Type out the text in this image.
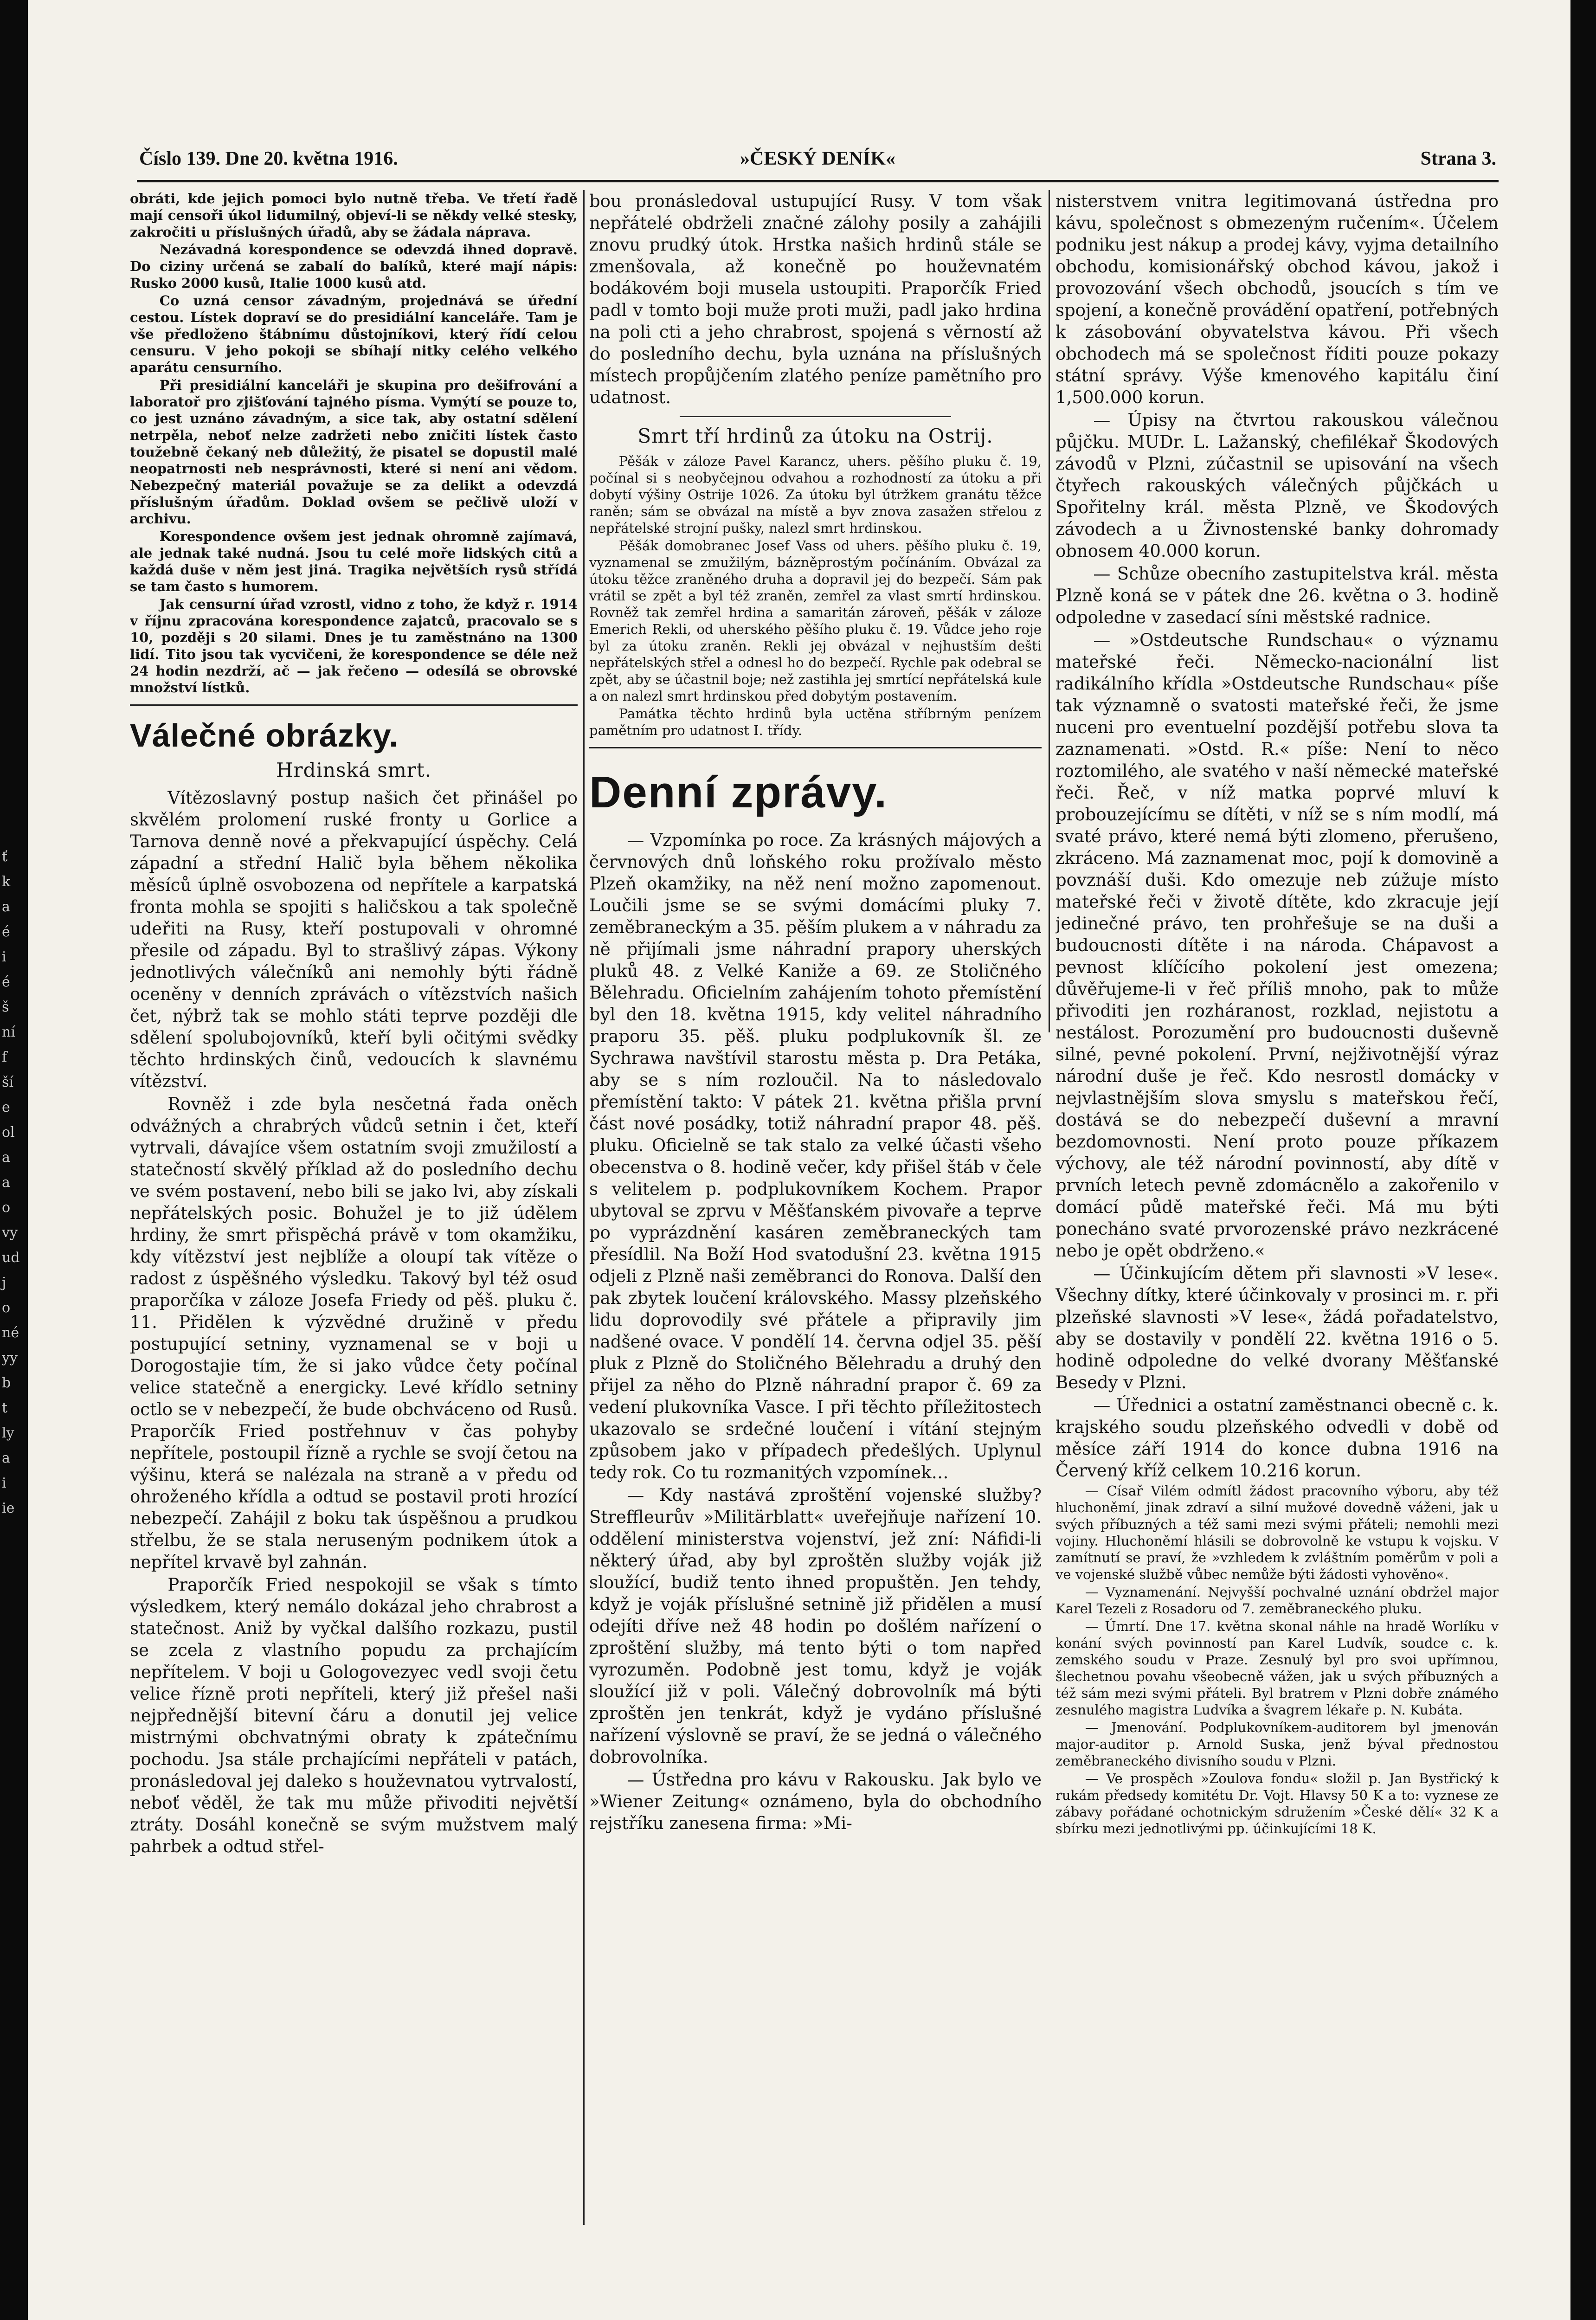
ť
k
a
é
i
é
š
ní
f
ší
e
ol
a
a
o
vy
ud
j
o
né
yy
b
t
ly
a
i
ie
Číslo 139. Dne 20. května 1916.	»ČESKÝ DENÍK«	Strana 3.

obráti, kde jejich pomoci bylo nutně třeba. Ve třetí řadě mají censoři úkol lidumilný, objeví-li se někdy velké stesky, zakročiti u příslušných úřadů, aby se žádala náprava.

Nezávadná korespondence se odevzdá ihned dopravě. Do ciziny určená se zabalí do balíků, které mají nápis: Rusko 2000 kusů, Italie 1000 kusů atd.

Co uzná censor závadným, projednává se úřední cestou. Lístek dopraví se do presidiální kanceláře. Tam je vše předloženo štábnímu důstojníkovi, který řídí celou censuru. V jeho pokoji se sbíhají nitky celého velkého aparátu censurního.

Při presidiální kanceláři je skupina pro dešifrování a laboratoř pro zjišťování tajného písma. Vymýtí se pouze to, co jest uznáno závadným, a sice tak, aby ostatní sdělení netrpěla, neboť nelze zadržeti nebo zničiti lístek často toužebně čekaný neb důležitý, že pisatel se dopustil malé neopatrnosti neb nesprávnosti, které si není ani vědom. Nebezpečný materiál považuje se za delikt a odevzdá příslušným úřadům. Doklad ovšem se pečlivě uloží v archivu.

Korespondence ovšem jest jednak ohromně zajímavá, ale jednak také nudná. Jsou tu celé moře lidských citů a každá duše v něm jest jiná. Tragika největších rysů střídá se tam často s humorem.

Jak censurní úřad vzrostl, vidno z toho, že když r. 1914 v říjnu zpracována korespondence zajatců, pracovalo se s 10, později s 20 silami. Dnes je tu zaměstnáno na 1300 lidí. Tito jsou tak vycvičeni, že korespondence se déle než 24 hodin nezdrží, ač — jak řečeno — odesílá se obrovské množství lístků.

Válečné obrázky.
Hrdinská smrt.

Vítězoslavný postup našich čet přinášel po skvělém prolomení ruské fronty u Gorlice a Tarnova denně nové a překvapující úspěchy. Celá západní a střední Halič byla během několika měsíců úplně osvobozena od nepřítele a karpatská fronta mohla se spojiti s haličskou a tak společně udeřiti na Rusy, kteří postupovali v ohromné přesile od západu. Byl to strašlivý zápas. Výkony jednotlivých válečníků ani nemohly býti řádně oceněny v denních zprávách o vítězstvích našich čet, nýbrž tak se mohlo státi teprve později dle sdělení spolubojovníků, kteří byli očitými svědky těchto hrdinských činů, vedoucích k slavnému vítězství.

Rovněž i zde byla nesčetná řada oněch odvážných a chrabrých vůdců setnin i čet, kteří vytrvali, dávajíce všem ostatním svoji zmužilostí a statečností skvělý příklad až do posledního dechu ve svém postavení, nebo bili se jako lvi, aby získali nepřátelských posic. Bohužel je to již údělem hrdiny, že smrt přispěchá právě v tom okamžiku, kdy vítězství jest nejblíže a oloupí tak vítěze o radost z úspěšného výsledku. Takový byl též osud praporčíka v záloze Josefa Friedy od pěš. pluku č. 11. Přidělen k výzvědné družině v předu postupující setniny, vyznamenal se v boji u Dorogostajie tím, že si jako vůdce čety počínal velice statečně a energicky. Levé křídlo setniny octlo se v nebezpečí, že bude obchváceno od Rusů. Praporčík Fried postřehnuv v čas pohyby nepřítele, postoupil řízně a rychle se svojí četou na výšinu, která se nalézala na straně a v předu od ohroženého křídla a odtud se postavil proti hrozící nebezpečí. Zahájil z boku tak úspěšnou a prudkou střelbu, že se stala neruseným podnikem útok a nepřítel krvavě byl zahnán.

Praporčík Fried nespokojil se však s tímto výsledkem, který nemálo dokázal jeho chrabrost a statečnost. Aniž by vyčkal dalšího rozkazu, pustil se zcela z vlastního popudu za prchajícím nepřítelem. V boji u Gologovezyec vedl svoji četu velice řízně proti nepříteli, který již přešel naši nejpřednější bitevní čáru a donutil jej velice mistrnými obchvatnými obraty k zpátečnímu pochodu. Jsa stále prchajícími nepřáteli v patách, pronásledoval jej daleko s houževnatou vytrvalostí, neboť věděl, že tak mu může přivoditi největší ztráty. Dosáhl konečně se svým mužstvem malý pahrbek a odtud střel-

bou pronásledoval ustupující Rusy. V tom však nepřátelé obdrželi značné zálohy posily a zahájili znovu prudký útok. Hrstka našich hrdinů stále se zmenšovala, až konečně po houževnatém bodákovém boji musela ustoupiti. Praporčík Fried padl v tomto boji muže proti muži, padl jako hrdina na poli cti a jeho chrabrost, spojená s věrností až do posledního dechu, byla uznána na příslušných místech propůjčením zlatého peníze pamětního pro udatnost.

Smrt tří hrdinů za útoku na Ostrij.

Pěšák v záloze Pavel Karancz, uhers. pěšího pluku č. 19, počínal si s neobyčejnou odvahou a rozhodností za útoku a při dobytí výšiny Ostrije 1026. Za útoku byl útržkem granátu těžce raněn; sám se obvázal na místě a byv znova zasažen střelou z nepřátelské strojní pušky, nalezl smrt hrdinskou.

Pěšák domobranec Josef Vass od uhers. pěšího pluku č. 19, vyznamenal se zmužilým, bázněprostým počínáním. Obvázal za útoku těžce zraněného druha a dopravil jej do bezpečí. Sám pak vrátil se zpět a byl též zraněn, zemřel za vlast smrtí hrdinskou. Rovněž tak zemřel hrdina a samaritán zároveň, pěšák v záloze Emerich Rekli, od uherského pěšího pluku č. 19. Vůdce jeho roje byl za útoku zraněn. Rekli jej obvázal v nejhustším dešti nepřátelských střel a odnesl ho do bezpečí. Rychle pak odebral se zpět, aby se účastnil boje; než zastihla jej smrtící nepřátelská kule a on nalezl smrt hrdinskou před dobytým postavením.

Památka těchto hrdinů byla uctěna stříbrným penízem pamětním pro udatnost I. třídy.

Denní zprávy.

— Vzpomínka po roce. Za krásných májových a červnových dnů loňského roku prožívalo město Plzeň okamžiky, na něž není možno zapomenout. Loučili jsme se se svými domácími pluky 7. zeměbraneckým a 35. pěším plukem a v náhradu za ně přijímali jsme náhradní prapory uherských pluků 48. z Velké Kaniže a 69. ze Stoličného Bělehradu. Oficielním zahájením tohoto přemístění byl den 18. května 1915, kdy velitel náhradního praporu 35. pěš. pluku podplukovník šl. ze Sychrawa navštívil starostu města p. Dra Petáka, aby se s ním rozloučil. Na to následovalo přemístění takto: V pátek 21. května přišla první část nové posádky, totiž náhradní prapor 48. pěš. pluku. Oficielně se tak stalo za velké účasti všeho obecenstva o 8. hodině večer, kdy přišel štáb v čele s velitelem p. podplukovníkem Kochem. Prapor ubytoval se zprvu v Měšťanském pivovaře a teprve po vyprázdnění kasáren zeměbraneckých tam přesídlil. Na Boží Hod svatodušní 23. května 1915 odjeli z Plzně naši zeměbranci do Ronova. Další den pak zbytek loučení královského. Massy plzeňského lidu doprovodily své přátele a připravily jim nadšené ovace. V pondělí 14. června odjel 35. pěší pluk z Plzně do Stoličného Bělehradu a druhý den přijel za něho do Plzně náhradní prapor č. 69 za vedení plukovníka Vasce. I při těchto příležitostech ukazovalo se srdečné loučení i vítání stejným způsobem jako v případech předešlých. Uplynul tedy rok. Co tu rozmanitých vzpomínek…

— Kdy nastává zproštění vojenské služby? Streffleurův »Militärblatt« uveřejňuje nařízení 10. oddělení ministerstva vojenství, jež zní: Náfidi-li některý úřad, aby byl zproštěn služby voják již sloužící, budiž tento ihned propuštěn. Jen tehdy, když je voják příslušné setnině již přidělen a musí odejíti dříve než 48 hodin po došlém nařízení o zproštění služby, má tento býti o tom napřed vyrozuměn. Podobně jest tomu, když je voják sloužící již v poli. Válečný dobrovolník má býti zproštěn jen tenkrát, když je vydáno příslušné nařízení výslovně se praví, že se jedná o válečného dobrovolníka.

— Ústředna pro kávu v Rakousku. Jak bylo ve »Wiener Zeitung« oznámeno, byla do obchodního rejstříku zanesena firma: »Mi-

nisterstvem vnitra legitimovaná ústředna pro kávu, společnost s obmezeným ručením«. Účelem podniku jest nákup a prodej kávy, vyjma detailního obchodu, komisionářský obchod kávou, jakož i provozování všech obchodů, jsoucích s tím ve spojení, a konečně provádění opatření, potřebných k zásobování obyvatelstva kávou. Při všech obchodech má se společnost říditi pouze pokazy státní správy. Výše kmenového kapitálu činí 1,500.000 korun.

— Úpisy na čtvrtou rakouskou válečnou půjčku. MUDr. L. Lažanský, chefilékař Škodových závodů v Plzni, zúčastnil se upisování na všech čtyřech rakouských válečných půjčkách u Spořitelny král. města Plzně, ve Škodových závodech a u Živnostenské banky dohromady obnosem 40.000 korun.

— Schůze obecního zastupitelstva král. města Plzně koná se v pátek dne 26. května o 3. hodině odpoledne v zasedací síni městské radnice.

— »Ostdeutsche Rundschau« o významu mateřské řeči. Německo-nacionální list radikálního křídla »Ostdeutsche Rundschau« píše tak významně o svatosti mateřské řeči, že jsme nuceni pro eventuelní pozdější potřebu slova ta zaznamenati. »Ostd. R.« píše: Není to něco roztomilého, ale svatého v naší německé mateřské řeči. Řeč, v níž matka poprvé mluví k probouzejícímu se dítěti, v níž se s ním modlí, má svaté právo, které nemá býti zlomeno, přerušeno, zkráceno. Má zaznamenat moc, pojí k domovině a povznáší duši. Kdo omezuje neb zúžuje místo mateřské řeči v životě dítěte, kdo zkracuje její jedinečné právo, ten prohřešuje se na duši a budoucnosti dítěte i na národa. Chápavost a pevnost klíčícího pokolení jest omezena; důvěřujeme-li v řeč příliš mnoho, pak to může přivoditi jen rozháranost, rozklad, nejistotu a nestálost. Porozumění pro budoucnosti duševně silné, pevné pokolení. První, nejživotnější výraz národní duše je řeč. Kdo nesrostl domácky v nejvlastnějším slova smyslu s mateřskou řečí, dostává se do nebezpečí duševní a mravní bezdomovnosti. Není proto pouze příkazem výchovy, ale též národní povinností, aby dítě v prvních letech pevně zdomácnělo a zakořenilo v domácí půdě mateřské řeči. Má mu býti ponecháno svaté prvorozenské právo nezkrácené nebo je opět obdrženo.«

— Účinkujícím dětem při slavnosti »V lese«. Všechny dítky, které účinkovaly v prosinci m. r. při plzeňské slavnosti »V lese«, žádá pořadatelstvo, aby se dostavily v pondělí 22. května 1916 o 5. hodině odpoledne do velké dvorany Měšťanské Besedy v Plzni.

— Úřednici a ostatní zaměstnanci obecně c. k. krajského soudu plzeňského odvedli v době od měsíce září 1914 do konce dubna 1916 na Červený kříž celkem 10.216 korun.

— Císař Vilém odmítl žádost pracovního výboru, aby též hluchoněmí, jinak zdraví a silní mužové dovedně váženi, jak u svých příbuzných a též sami mezi svými přáteli; nemohli mezi vojiny. Hluchoněmí hlásili se dobrovolně ke vstupu k vojsku. V zamítnutí se praví, že »vzhledem k zvláštním poměrům v poli a ve vojenské službě vůbec nemůže býti žádosti vyhověno«.

— Vyznamenání. Nejvyšší pochvalné uznání obdržel major Karel Tezeli z Rosadoru od 7. zeměbraneckého pluku.

— Úmrtí. Dne 17. května skonal náhle na hradě Worlíku v konání svých povinností pan Karel Ludvík, soudce c. k. zemského soudu v Praze. Zesnulý byl pro svoi upřímnou, šlechetnou povahu všeobecně vážen, jak u svých příbuzných a též sám mezi svými přáteli. Byl bratrem v Plzni dobře známého zesnulého magistra Ludvíka a švagrem lékaře p. N. Kubáta.

— Jmenování. Podplukovníkem-auditorem byl jmenován major-auditor p. Arnold Suska, jenž býval přednostou zeměbraneckého divisního soudu v Plzni.

— Ve prospěch »Zoulova fondu« složil p. Jan Bystřický k rukám předsedy komitétu Dr. Vojt. Hlavsy 50 K a to: vyznese ze zábavy pořádané ochotnickým sdružením »České dělí« 32 K a sbírku mezi jednotlivými pp. účinkujícími 18 K.
